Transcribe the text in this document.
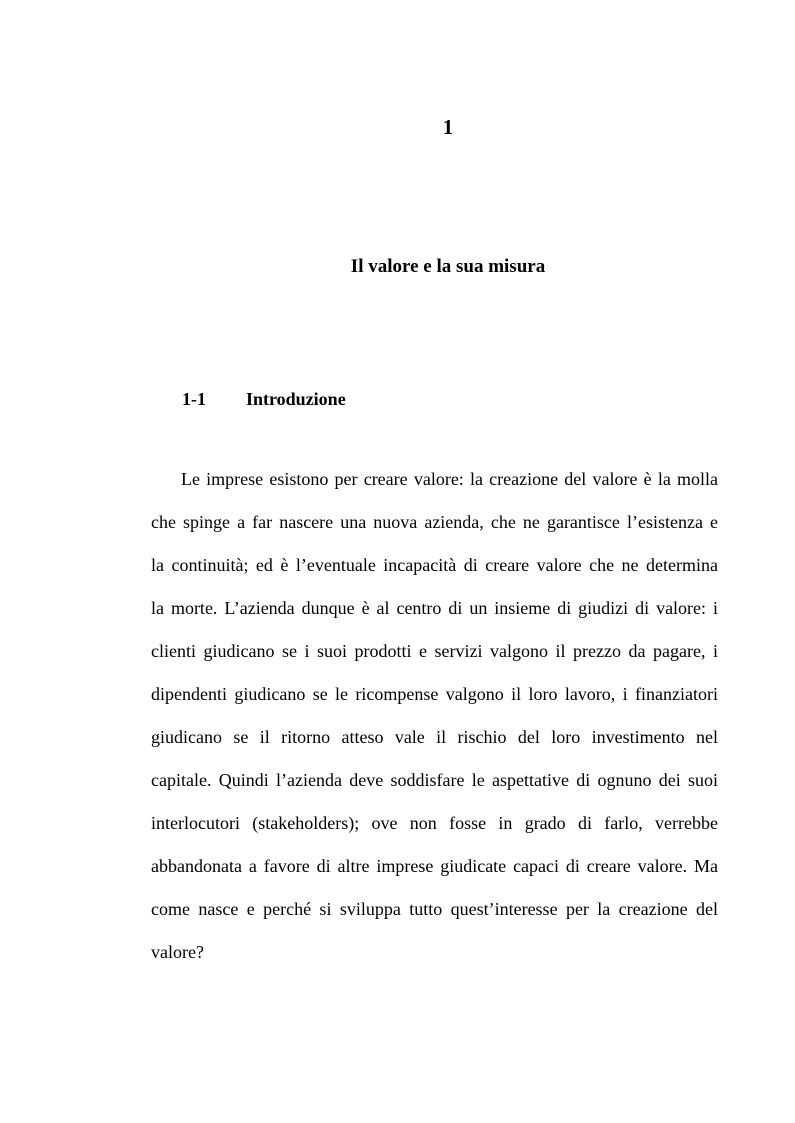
1
Il valore e la sua misura
1-1 Introduzione
Le imprese esistono per creare valore: la creazione del valore è la molla
che spinge a far nascere una nuova azienda, che ne garantisce l’esistenza e
la continuità; ed è l’eventuale incapacità di creare valore che ne determina
la morte. L’azienda dunque è al centro di un insieme di giudizi di valore: i
clienti giudicano se i suoi prodotti e servizi valgono il prezzo da pagare, i
dipendenti giudicano se le ricompense valgono il loro lavoro, i finanziatori
giudicano se il ritorno atteso vale il rischio del loro investimento nel
capitale. Quindi l’azienda deve soddisfare le aspettative di ognuno dei suoi
interlocutori (stakeholders); ove non fosse in grado di farlo, verrebbe
abbandonata a favore di altre imprese giudicate capaci di creare valore. Ma
come nasce e perché si sviluppa tutto quest’interesse per la creazione del
valore?
